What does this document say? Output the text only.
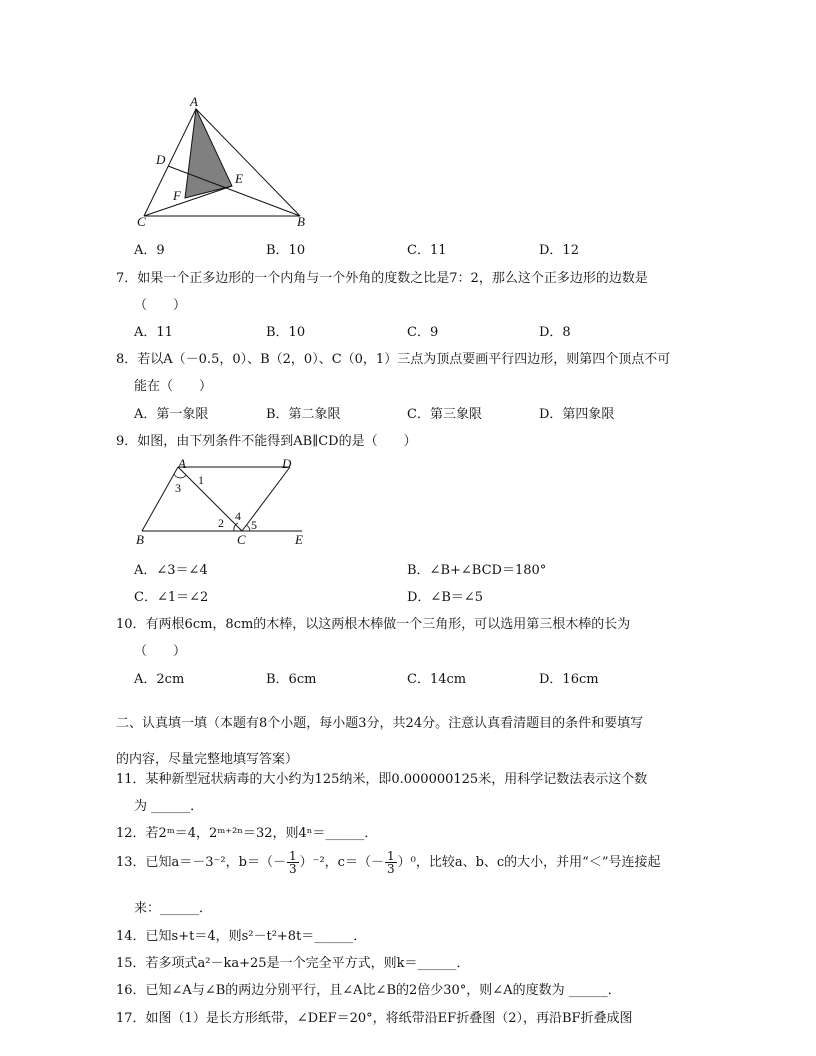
A
D
E
F
C	B
A．9	B．10	C．11	D．12
7．如果一个正多边形的一个内角与一个外角的度数之比是7：2，那么这个正多边形的边数是
（　　）
A．11	B．10	C．9	D．8
8．若以A（－0.5，0）、B（2，0）、C（0，1）三点为顶点要画平行四边形，则第四个顶点不可
能在（　　）
A．第一象限	B．第二象限	C．第三象限	D．第四象限
9．如图，由下列条件不能得到AB∥CD的是（　　）
A	D
1
3
4
2 5
B	C	E
A．∠3＝∠4	B．∠B+∠BCD＝180°
C．∠1＝∠2	D．∠B＝∠5
10．有两根6cm，8cm的木棒，以这两根木棒做一个三角形，可以选用第三根木棒的长为
（　　）
A．2cm	B．6cm	C．14cm	D．16cm
二、认真填一填（本题有8个小题，每小题3分，共24分。注意认真看清题目的条件和要填写
的内容，尽量完整地填写答案）
11．某种新型冠状病毒的大小约为125纳米，即0.000000125米，用科学记数法表示这个数
为 ______．
12．若2ᵐ＝4，2ᵐ⁺²ⁿ＝32，则4ⁿ＝______．
13．已知a＝－3⁻²，$b=(- \frac{1}{3} )^{-2}$，$c=(- \frac{1}{3} )^0$，比较a、b、c的大小，并用“＜”号连接起
来：______．
14．已知s+t＝4，则s²－t²+8t＝______．
15．若多项式a²－ka+25是一个完全平方式，则k＝______．
16．已知∠A与∠B的两边分别平行，且∠A比∠B的2倍少30°，则∠A的度数为 ______．
17．如图（1）是长方形纸带，∠DEF＝20°，将纸带沿EF折叠图（2），再沿BF折叠成图
